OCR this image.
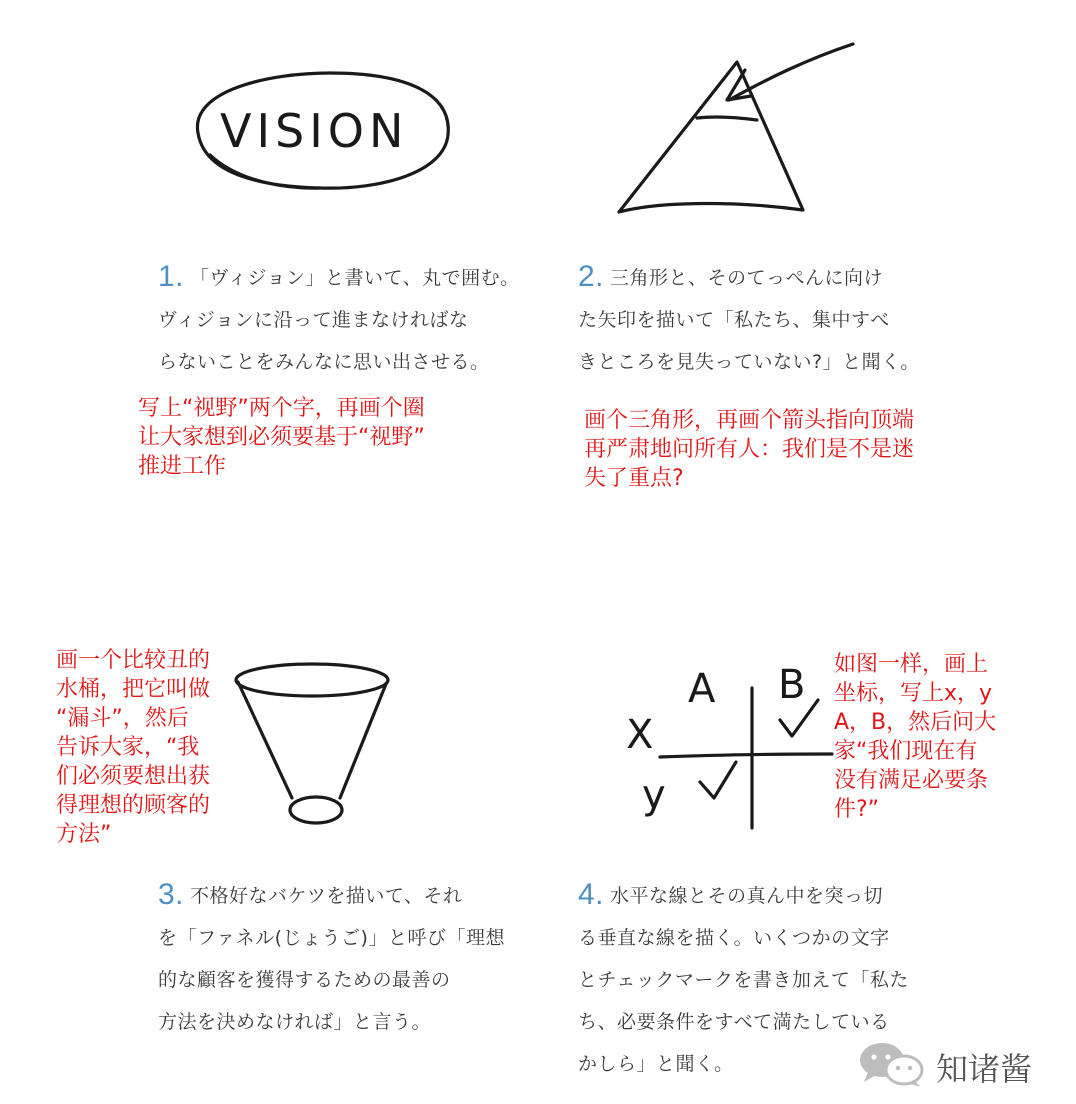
VISION
A B
X
y
1. 「ヴィジョン」と書いて、丸で囲む。
ヴィジョンに沿って進まなければな
らないことをみんなに思い出させる。
写上“视野”两个字，再画个圈
让大家想到必须要基于“视野”
推进工作
2. 三角形と、そのてっぺんに向け
た矢印を描いて「私たち、集中すべ
きところを見失っていない?」と聞く。
画个三角形，再画个箭头指向顶端
再严肃地问所有人：我们是不是迷
失了重点?
画一个比较丑的
水桶，把它叫做
“漏斗”，然后
告诉大家，“我
们必须要想出获
得理想的顾客的
方法”
3. 不格好なバケツを描いて、それ
を「ファネル(じょうご)」と呼び「理想
的な顧客を獲得するための最善の
方法を決めなければ」と言う。
如图一样，画上
坐标，写上x，y
A，B，然后问大
家“我们现在有
没有满足必要条
件?”
4. 水平な線とその真ん中を突っ切
る垂直な線を描く。いくつかの文字
とチェックマークを書き加えて「私た
ち、必要条件をすべて満たしている
かしら」と聞く。	知诸酱
